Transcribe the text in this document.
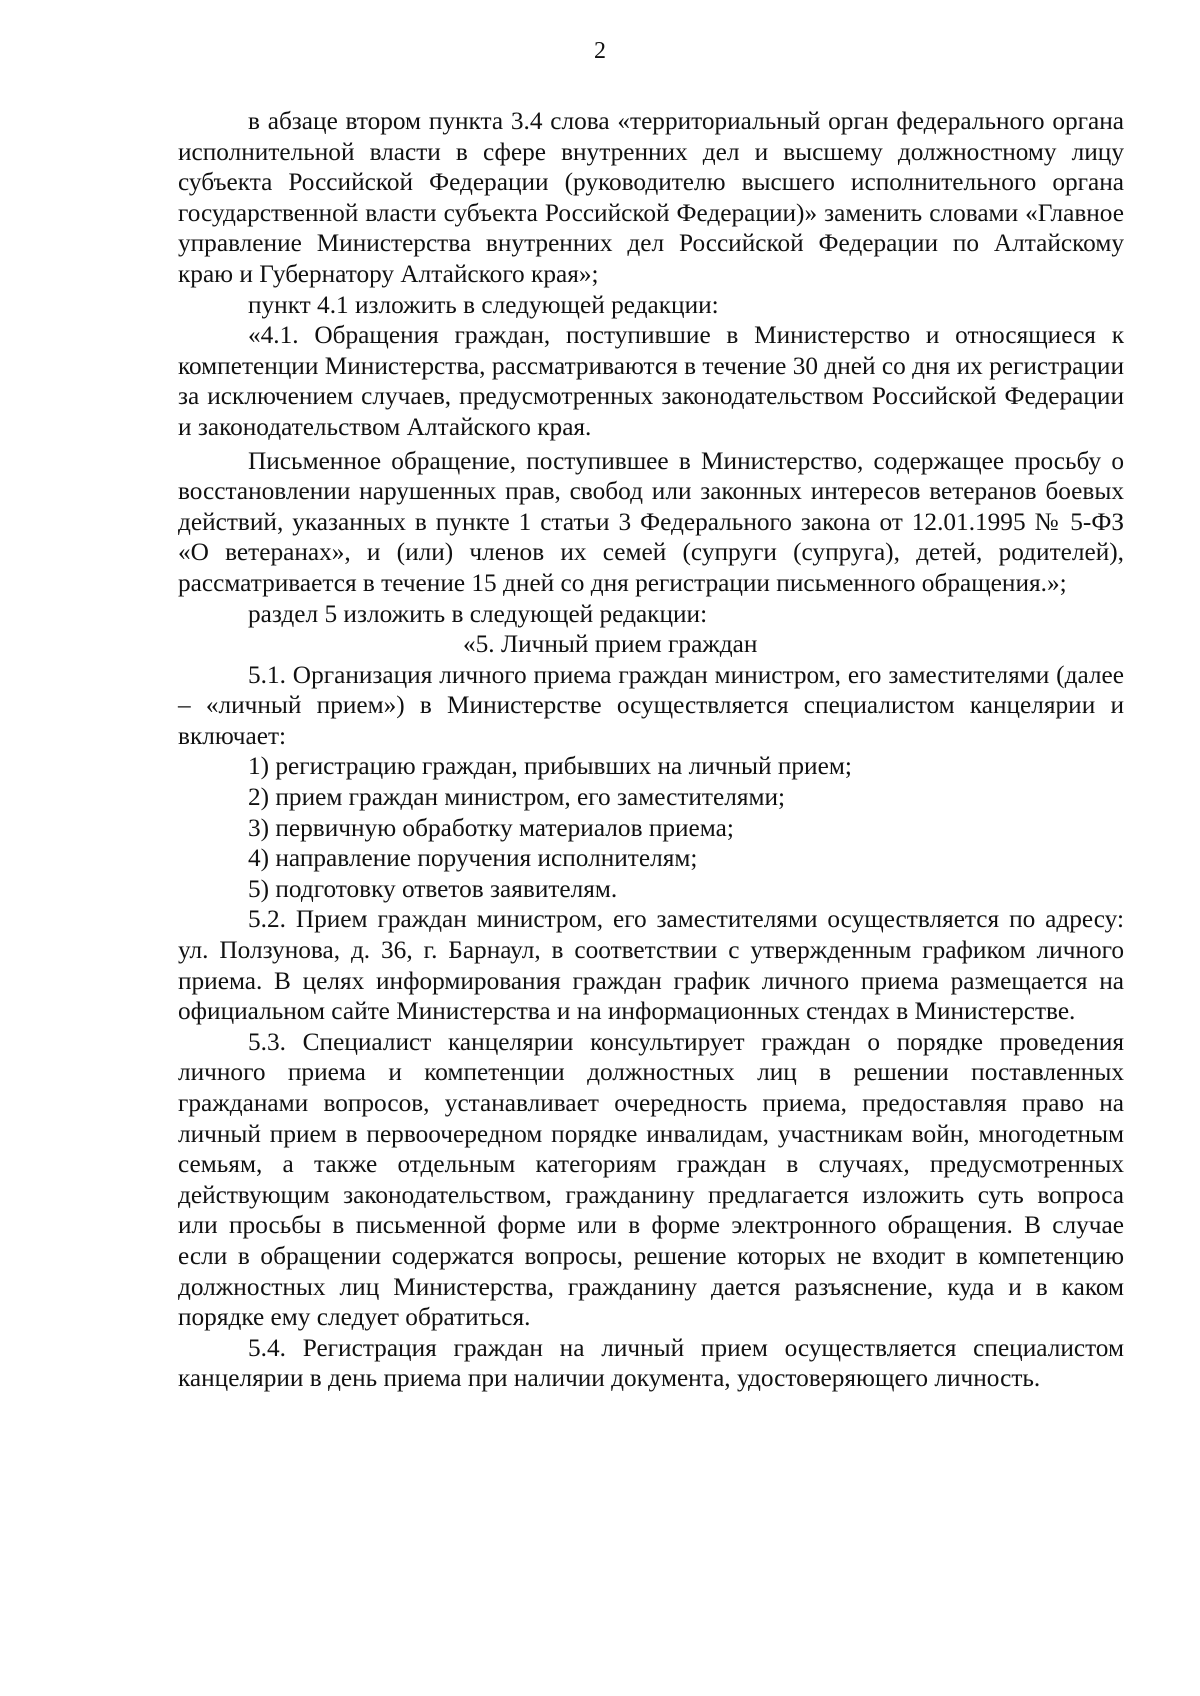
2

в абзаце втором пункта 3.4 слова «территориальный орган федерального органа исполнительной власти в сфере внутренних дел и высшему должностному лицу субъекта Российской Федерации (руководителю высшего исполнительного органа государственной власти субъекта Российской Федерации)» заменить словами «Главное управление Министерства внутренних дел Российской Федерации по Алтайскому краю и Губернатору Алтайского края»;

пункт 4.1 изложить в следующей редакции:

«4.1. Обращения граждан, поступившие в Министерство и относящиеся к компетенции Министерства, рассматриваются в течение 30 дней со дня их регистрации за исключением случаев, предусмотренных законодательством Российской Федерации и законодательством Алтайского края.

Письменное обращение, поступившее в Министерство, содержащее просьбу о восстановлении нарушенных прав, свобод или законных интересов ветеранов боевых действий, указанных в пункте 1 статьи 3 Федерального закона от 12.01.1995 № 5-ФЗ «О ветеранах», и (или) членов их семей (супруги (супруга), детей, родителей), рассматривается в течение 15 дней со дня регистрации письменного обращения.»;

раздел 5 изложить в следующей редакции:

«5. Личный прием граждан

5.1. Организация личного приема граждан министром, его заместителями (далее – «личный прием») в Министерстве осуществляется специалистом канцелярии и включает:

1) регистрацию граждан, прибывших на личный прием;

2) прием граждан министром, его заместителями;

3) первичную обработку материалов приема;

4) направление поручения исполнителям;

5) подготовку ответов заявителям.

5.2. Прием граждан министром, его заместителями осуществляется по адресу: ул. Ползунова, д. 36, г. Барнаул, в соответствии с утвержденным графиком личного приема. В целях информирования граждан график личного приема размещается на официальном сайте Министерства и на информационных стендах в Министерстве.

5.3. Специалист канцелярии консультирует граждан о порядке проведения личного приема и компетенции должностных лиц в решении поставленных гражданами вопросов, устанавливает очередность приема, предоставляя право на личный прием в первоочередном порядке инвалидам, участникам войн, многодетным семьям, а также отдельным категориям граждан в случаях, предусмотренных действующим законодательством, гражданину предлагается изложить суть вопроса или просьбы в письменной форме или в форме электронного обращения. В случае если в обращении содержатся вопросы, решение которых не входит в компетенцию должностных лиц Министерства, гражданину дается разъяснение, куда и в каком порядке ему следует обратиться.

5.4. Регистрация граждан на личный прием осуществляется специалистом канцелярии в день приема при наличии документа, удостоверяющего личность.
